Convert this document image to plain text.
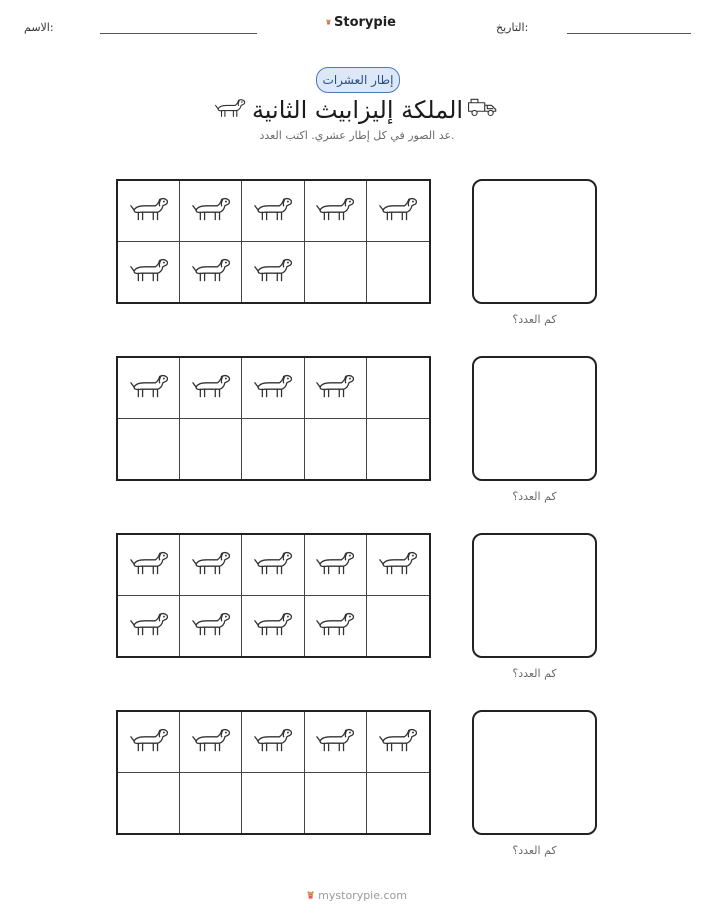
التاريخ:
الاسم:	Storypie
إطار العشرات
الملكة إليزابيث الثانية
عد الصور في كل إطار عشري. اكتب العدد.
كم العدد؟
كم العدد؟
كم العدد؟
كم العدد؟
mystorypie.com
